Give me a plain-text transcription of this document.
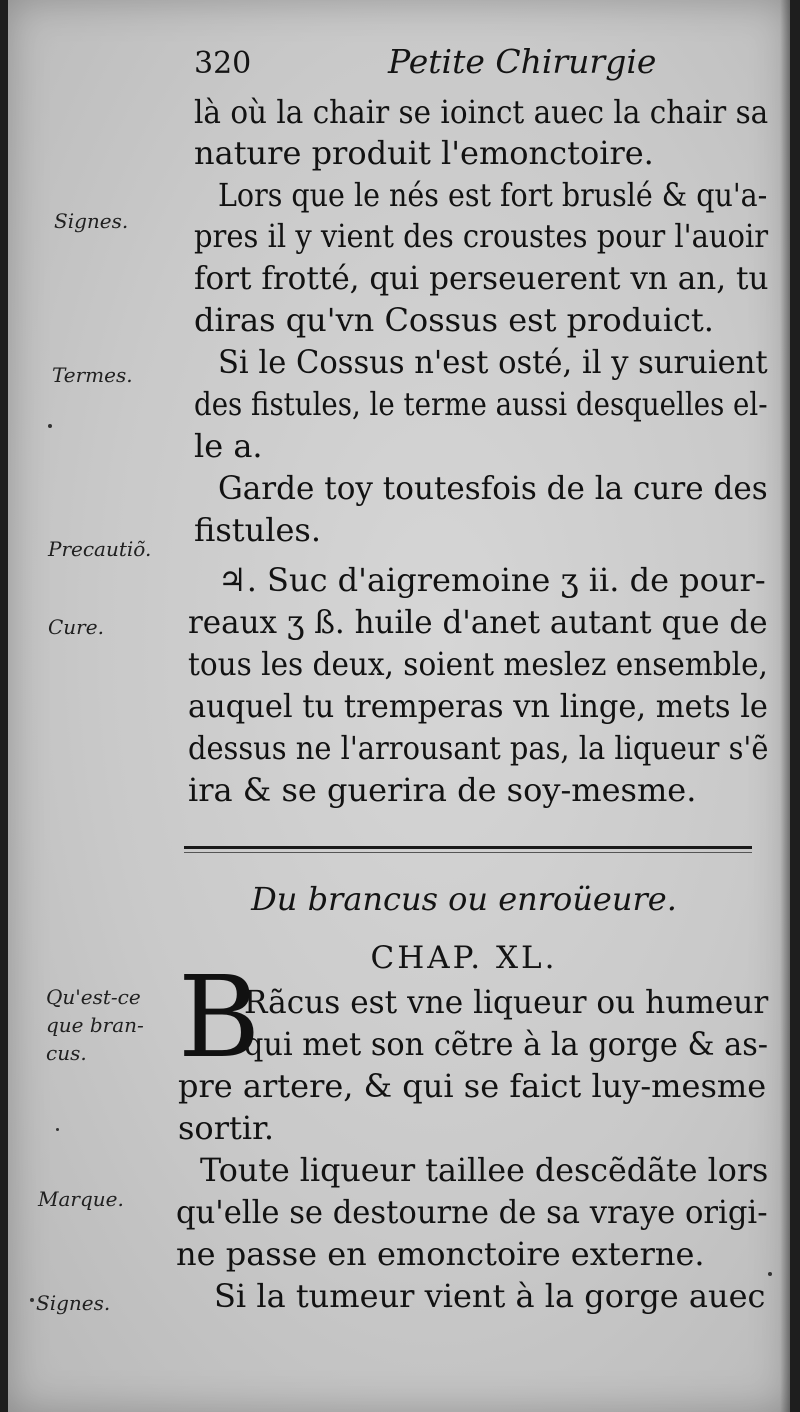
320	Petite Chirurgie
là où la chair se ioinct auec la chair sa
nature produit l'emonctoire.
Lors que le nés est fort bruslé & qu'a-
pres il y vient des croustes pour l'auoir
fort frotté, qui perseuerent vn an, tu
diras qu'vn Cossus est produict.
Si le Cossus n'est osté, il y suruient
des fistules, le terme aussi desquelles el-
le a.
Garde toy toutesfois de la cure des
fistules.
♃. Suc d'aigremoine ʒ ii. de pour-
reaux ʒ ß. huile d'anet autant que de
tous les deux, soient meslez ensemble,
auquel tu tremperas vn linge, mets le
dessus ne l'arrousant pas, la liqueur s'ẽ
ira & se guerira de soy-mesme.
Du brancus ou enroüeure.
CHAP. XL.
B
Rãcus est vne liqueur ou humeur
qui met son cẽtre à la gorge & as-
pre artere, & qui se faict luy-mesme
sortir.
Toute liqueur taillee descẽdãte lors
qu'elle se destourne de sa vraye origi-
ne passe en emonctoire externe.
Si la tumeur vient à la gorge auec
Signes.
Termes.
Precautiõ.
Cure.
Qu'est-ce
que bran-
cus.
Marque.
Signes.
